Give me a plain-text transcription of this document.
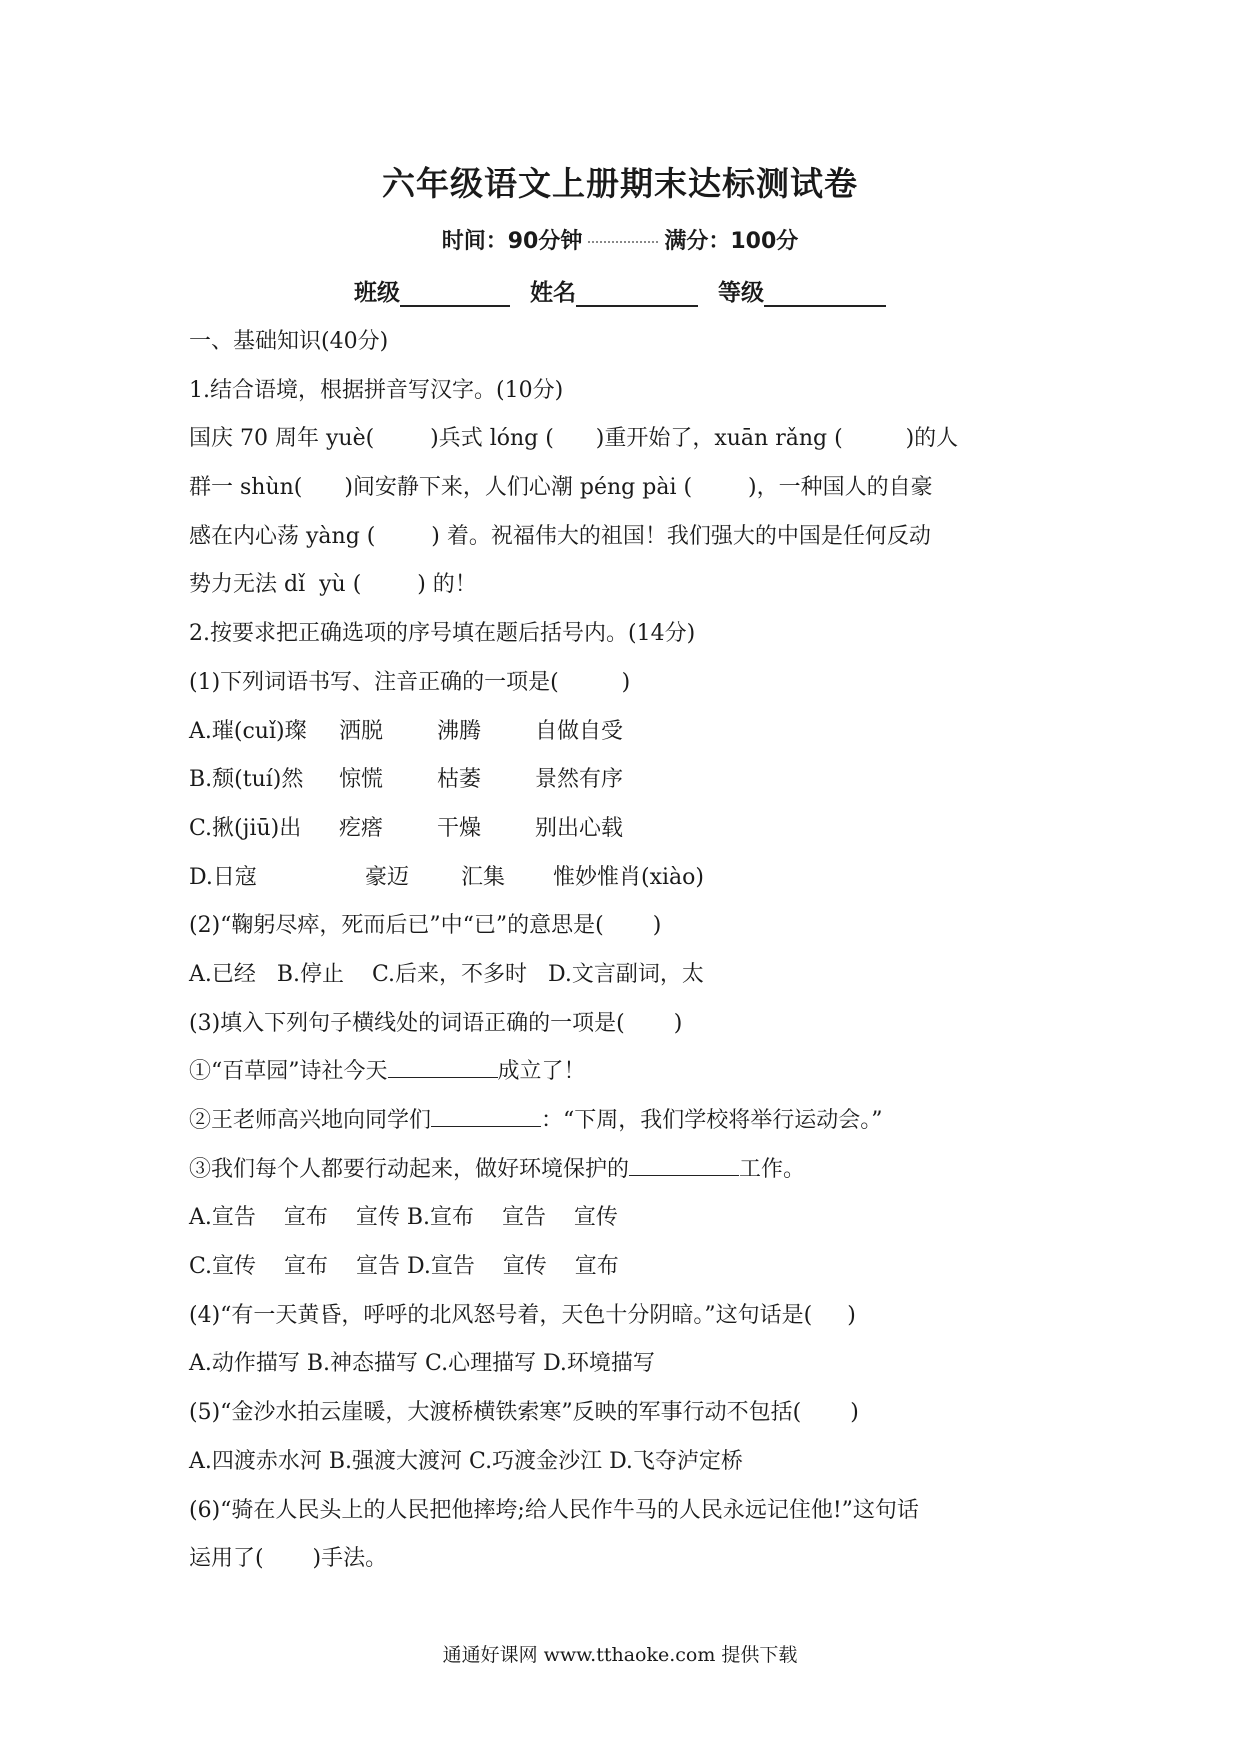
六年级语文上册期末达标测试卷
时间：90分钟	满分：100分
班级	姓名	等级
一、基础知识(40分)
1.结合语境，根据拼音写汉字。(10分)
国庆 70 周年 yuè(        )兵式 lóng (      )重开始了，xuān rǎng (         )的人
群一 shùn(      )间安静下来，人们心潮 péng pài (        )，一种国人的自豪
感在内心荡 yàng (        ) 着。祝福伟大的祖国！我们强大的中国是任何反动
势力无法 dǐ  yù (        ) 的！
2.按要求把正确选项的序号填在题后括号内。(14分)
(1)下列词语书写、注音正确的一项是(         )
A.璀(cuǐ)璨 洒脱 沸腾 自做自受
B.颓(tuí)然 惊慌 枯萎 景然有序
C.揪(jiū)出 疙瘩 干燥 别出心载
D.日寇	豪迈 汇集 惟妙惟肖(xiào)
(2)“鞠躬尽瘁，死而后已”中“已”的意思是(       )
A.已经   B.停止    C.后来，不多时   D.文言副词，太
(3)填入下列句子横线处的词语正确的一项是(       )
①“百草园”诗社今天	成立了！
②王老师高兴地向同学们	：“下周，我们学校将举行运动会。”
③我们每个人都要行动起来，做好环境保护的	工作。
A.宣告    宣布    宣传 B.宣布    宣告    宣传
C.宣传    宣布    宣告 D.宣告    宣传    宣布
(4)“有一天黄昏，呼呼的北风怒号着，天色十分阴暗。”这句话是(     )
A.动作描写 B.神态描写 C.心理描写 D.环境描写
(5)“金沙水拍云崖暖，大渡桥横铁索寒”反映的军事行动不包括(       )
A.四渡赤水河 B.强渡大渡河 C.巧渡金沙江 D.飞夺泸定桥
(6)“骑在人民头上的人民把他摔垮;给人民作牛马的人民永远记住他!”这句话
运用了(       )手法。
通通好课网 www.tthaoke.com 提供下载
